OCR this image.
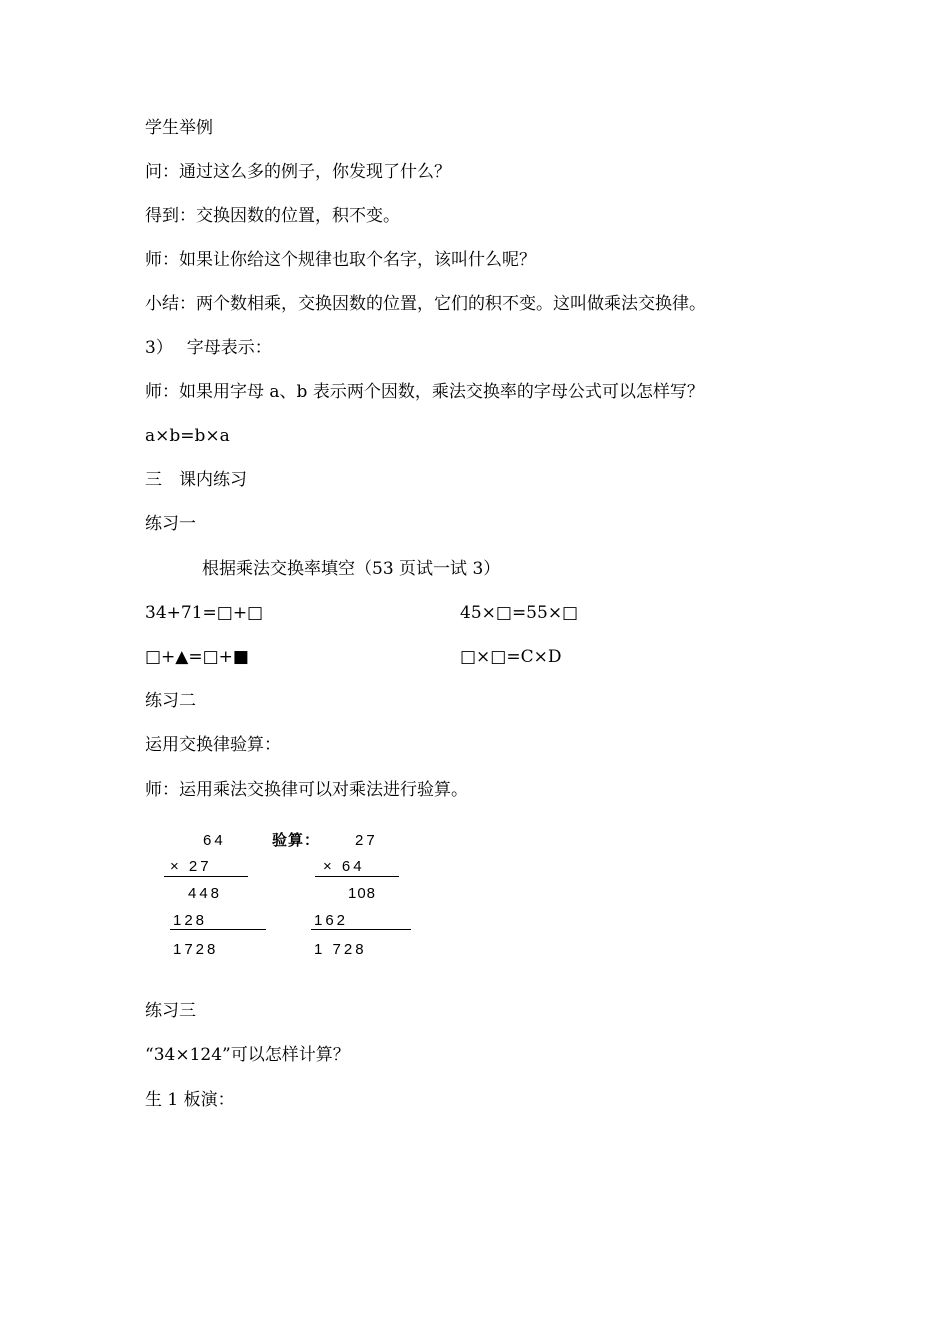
学生举例
问：通过这么多的例子，你发现了什么？
得到：交换因数的位置，积不变。
师：如果让你给这个规律也取个名字，该叫什么呢？
小结：两个数相乘，交换因数的位置，它们的积不变。这叫做乘法交换律。
3）　 字母表示：
师：如果用字母 a、b 表示两个因数，乘法交换率的字母公式可以怎样写？
a×b=b×a
三　课内练习
练习一
根据乘法交换率填空（53 页试一试 3）
34+71=□+□	45×□=55×□
□+▲=□+■	□×□=C×D
练习二
运用交换律验算：
师：运用乘法交换律可以对乘法进行验算。
64
× 27
448
128
1728
验算： 27
× 64
108
162
1 728
练习三
“34×124”可以怎样计算？
生 1 板演：
